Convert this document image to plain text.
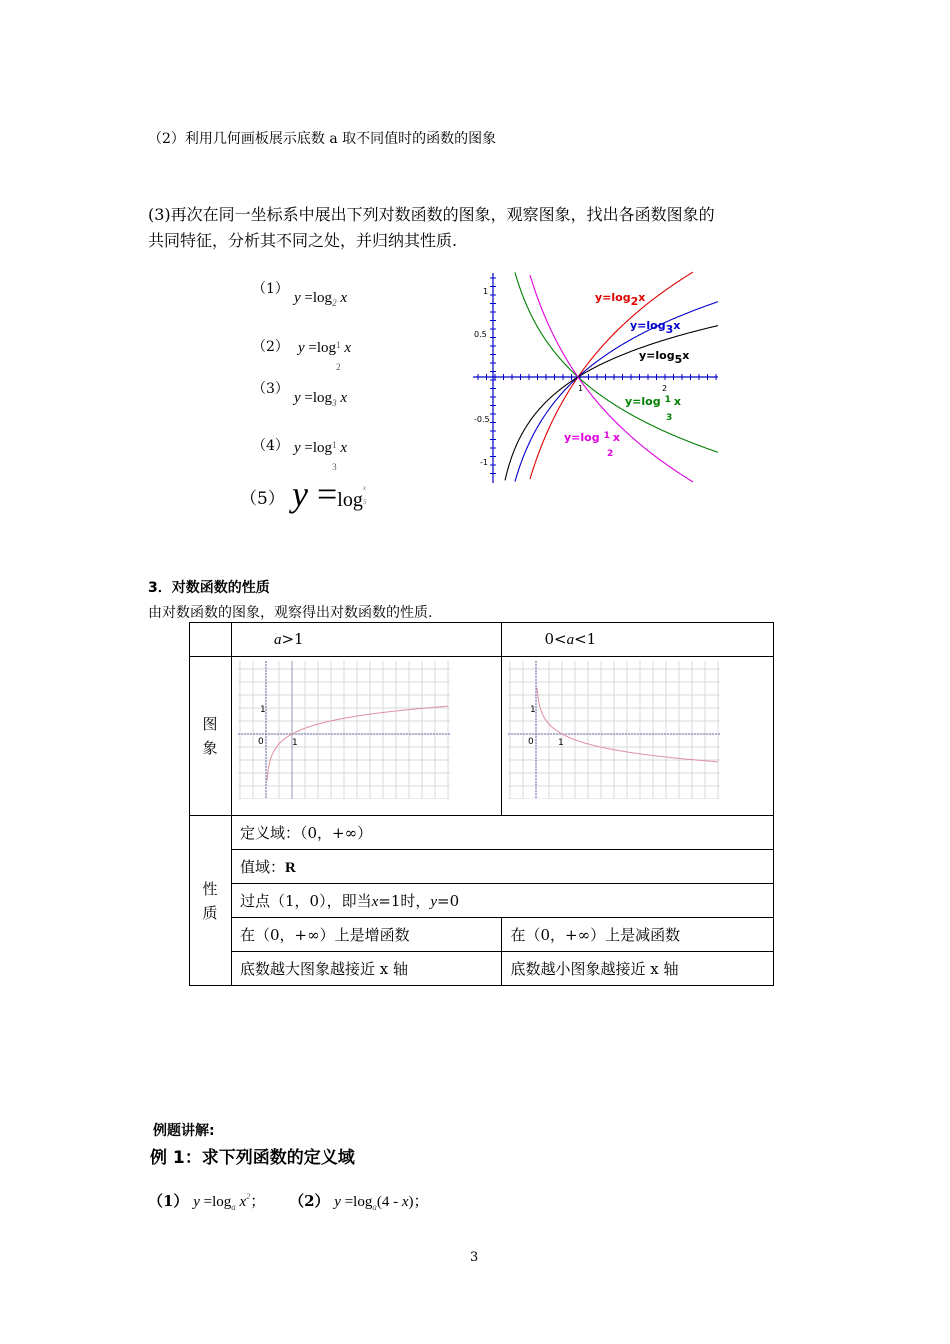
（2）利用几何画板展示底数 a 取不同值时的函数的图象
(3)再次在同一坐标系中展出下列对数函数的图象，观察图象，找出各函数图象的
共同特征，分析其不同之处，并归纳其性质.
（1）
$y =\log_2$ x
（2） y =log1

2 x
（3）
$y =\log_3$ x
（4） y =log1

3 x
（5） $y =\log^x5$
1
0.5
-0.5
-1
1	2
y=log2x
y=log3x
y=log5x
y=log $^1$ x
3
y=log $^1$ x
2
3．对数函数的性质
由对数函数的图象，观察得出对数函数的性质.
	a>1	0<a<1

图象	1
0 1	1
0 1

性质	定义域：（0，+∞）	
	值域：R	
	过点（1，0），即当x=1时，y=0	
	在（0，+∞）上是增函数	在（0，+∞）上是减函数
	底数越大图象越接近 x 轴	底数越小图象越接近 x 轴
例题讲解:
例 1：求下列函数的定义域
（1） $y =\log_a$ $x^2$； （2） $y =\log_a(4 - x)$；
3
